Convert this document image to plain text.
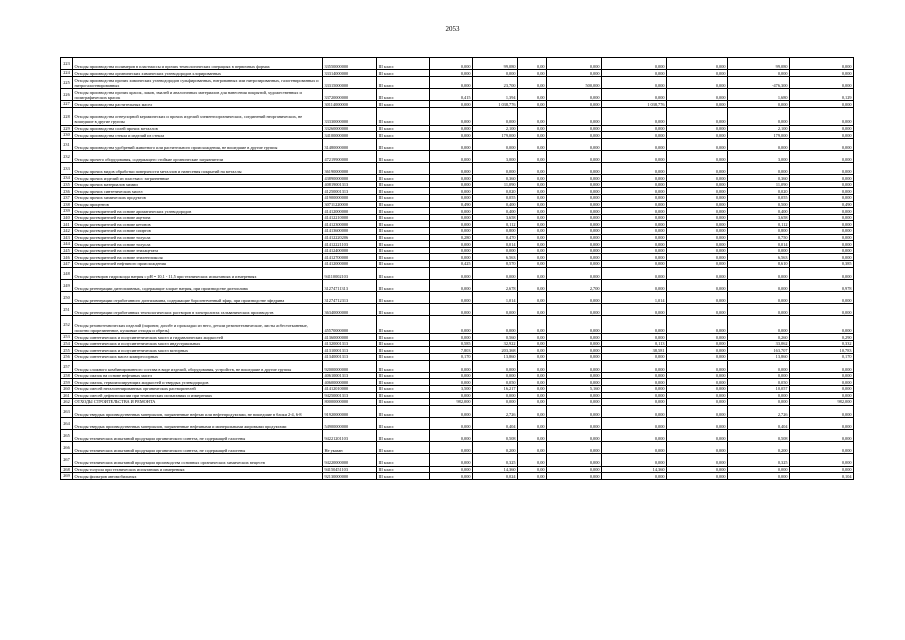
2053
223	Отходы производства полимеров в пластмассы и прочих технологических операциях в первичных формах	33550000000	III класс	0,000	99,080	0,00	0,000	0,000	0,000	99,080	0,000
224	Отходы производства органических химических углеводородов хлорированных	33314000000	III класс	0,000	0,000	0,00	0,000	0,000	0,000	0,000	0,000
225	Отходы производства прочих химических углеводородов сульфированных, нитрованных или нитрозированных, галогенированных и нитрогалогенированных	33315000000	III класс	0,000	23,700	0,00	500,000	0,000	0,000	-476,300	0,000
226	Отходы производства прочих красок, лаков, эмалей и аналогичных материалов для нанесения покрытий, художественных и полиграфических красок	33720000000	III класс	0,415	1,394	0,00	0,000	0,000	0,000	1,680	0,129
227	Отходы производства растительных масел	30114000000	III класс	0,000	1 038,776	0,00	0,000	1 038,776	0,000	0,000	0,000
228	Отходы производства огнеупорной керамических и прочих изделий элементоорганических, соединений неорганических, не вошедшие в другие группы	33330000000	III класс	0,000	0,000	0,00	0,000	0,000	0,000	0,000	0,000
229	Отходы производства солей прочих металлов	33260000000	III класс	0,000	2,100	0,00	0,000	0,000	0,000	2,100	0,000
230	Отходы производства стекла и изделий из стекла	34100000000	III класс	0,000	179,000	0,00	0,000	0,000	0,000	179,000	0,000
231	Отходы производства удобрений животного или растительного происхождения, не вошедшие в другие группы	31480000000	III класс	0,000	0,000	0,00	0,000	0,000	0,000	0,000	0,000
232	Отходы прочего оборудования, содержащего стойкие органические загрязнители	47219900000	III класс	0,000	3,000	0,00	0,000	0,000	0,000	3,000	0,000
233	Отходы прочих видов обработки поверхности металлов и нанесения покрытий на металлы	36190000000	III класс	0,000	0,000	0,00	0,000	0,000	0,000	0,000	0,000
234	Отходы прочих изделий из пластмасс загрязненные	43890000000	III класс	0,000	0,360	0,00	0,000	0,000	0,000	0,360	0,000
235	Отходы прочих материалов химии	40819001313	III класс	0,000	11,090	0,00	0,000	0,000	0,000	11,090	0,000
236	Отходы прочих синтетических масел	41250001313	III класс	0,000	0,020	0,00	0,000	0,000	0,000	0,020	0,000
237	Отходы прочих химических продуктов	41900000000	III класс	0,000	0,055	0,00	0,000	0,000	0,000	0,055	0,000
238	Отходы процентов	30711220000	III класс	0,490	0,400	0,00	0,000	0,000	0,000	0,500	0,490
239	Отходы растворителей на основе ароматических углеводородов	41412000000	III класс	0,000	0,400	0,00	0,000	0,000	0,000	0,400	0,000
240	Отходы растворителей на основе ацетона	41412210000	III класс	0,000	3,658	0,00	0,000	0,000	0,000	3,658	0,000
241	Отходы растворителей на основе кетонов	41412300000	III класс	0,000	0,112	0,00	0,000	0,000	0,000	0,112	0,000
242	Отходы растворителей на основе спиртов	41413600000	III класс	0,000	0,800	0,00	0,000	0,000	0,000	0,800	0,000
243	Отходы растворителей на основе толуола	41412220206	III класс	0,280	0,470	0,00	0,000	0,000	0,000	0,750	0,000
244	Отходы растворителей на основе толуола	41412221103	III класс	0,000	0,014	0,00	0,000	0,000	0,000	0,014	0,000
245	Отходы растворителей на основе этилацетата	41412400000	III класс	0,000	0,000	0,00	0,000	0,000	0,000	0,000	0,000
246	Отходы растворителей на основе этиленгликоля	41412700000	III класс	0,000	6,563	0,00	0,000	0,000	0,000	6,563	0,000
247	Отходы растворителей нефтяного происхождения	41412000000	III класс	0,425	8,570	0,00	0,000	0,000	0,000	8,610	0,385
248	Отходы растворов гидроксида натрия с рН = 10,1 - 11,5 при технических испытаниях и измерениях	94110002103	III класс	0,000	0,000	0,00	0,000	0,000	0,000	0,000	0,000
249	Отходы регенерации дизтопливных, содержащие хлорат натрия, при производстве дизтоплива	31274711313	III класс	0,000	2,678	0,00	2,700	0,000	0,000	0,000	0,978
250	Отходы регенерации отработанного диэтиламина, содержащие бороэнтеченный эфир, при производстве эфедрина	31274712313	III класс	0,000	1,014	0,00	0,000	1,014	0,000	0,000	0,000
251	Отходы регенерации отработанных технологических растворов в электролитах гальванических производств	36340000000	III класс	0,000	0,000	0,00	0,000	0,000	0,000	0,000	0,000
252	Отходы резинотехнических изделий (паронит, диэлбт и прокладки из него, детали резинотехнические, листы асбестотканевые, полотно прорезиненное, кусковые отходы и обрезь)	45570000000	III класс	0,000	0,000	0,00	0,000	0,000	0,000	0,000	0,000
253	Отходы синтетических и полусинтетических масел и гидравлических жидкостей	41360000000	III класс	0,000	0,560	0,00	0,000	0,000	0,000	0,260	0,290
254	Отходы синтетических и полусинтетических масел индустриальных	41320001313	III класс	0,585	32,922	0,00	0,000	0,113	0,000	33,062	0,332
255	Отходы синтетических и полусинтетических масел моторных	41310001313	III класс	7,803	203,368	0,00	0,000	38,581	0,000	163,707	10,783
256	Отходы синтетических масел компрессорных	41340001313	III класс	0,170	13,860	0,00	0,000	0,000	0,000	13,860	0,170
257	Отходы сложного комбинированного состава в виде изделий, оборудования, устройств, не вошедшие в другие группы	92000000000	III класс	0,000	0,000	0,00	0,000	0,000	0,000	0,000	0,000
258	Отходы смазок на основе нефтяных масел	40610001313	III класс	0,000	0,000	0,00	0,000	0,000	0,000	0,000	0,000
259	Отходы смазок, гермоизолирующих жидкостей и твердых углеводородов	40600000000	III класс	0,000	0,050	0,00	0,000	0,000	0,000	0,050	0,000
260	Отходы смесей негалогенированных органических растворителей	41412010000	III класс	3,500	16,217	0,00	5,160	0,000	0,000	10,057	0,000
261	Отходы смесей дефектоскопии при технических испытаниях и измерениях	94250001313	III класс	0,000	0,000	0,00	0,000	0,000	0,000	0,000	0,000
262	ОТХОДЫ СТРОИТЕЛЬСТВА И РЕМОНТА	80000000000	III класс	982,000	0,000	0,00	0,000	0,000	0,000	0,000	982,000
263	Отходы твердых производственных материалов, загрязненные нефтью или нефтепродуктами, не вошедшие в блоки 2-4, 6-8	91920000000	III класс	0,000	2,726	0,00	0,000	0,000	0,000	2,726	0,000
264	Отходы твердых производственных материалов, загрязненные нефтяными и минеральными жировыми продуктами	54900000000	III класс	0,000	0,404	0,00	0,000	0,000	0,000	0,404	0,000
265	Отходы технических испытаний продукции органического синтеза, не содержащей галогены	94221201103	III класс	0,000	0,508	0,00	0,000	0,000	0,000	0,508	0,000
266	Отходы технических испытаний продукции органического синтеза, не содержащей галогены	Не указан	III класс	0,000	0,200	0,00	0,000	0,000	0,000	0,200	0,000
267	Отходы технических испытаний продукции производства основных органических химических веществ	94220000000	III класс	0,000	0,325	0,00	0,000	0,000	0,000	0,325	0,000
268	Отходы толуола при технических испытаниях и измерениях	94150451103	III класс	0,000	14,360	0,00	0,000	14,360	0,000	0,000	0,000
269	Отходы фильтров автомобильных	92130000000	III класс	0,000	0,024	0,00	0,000	0,000	0,000	0,000	0,104
